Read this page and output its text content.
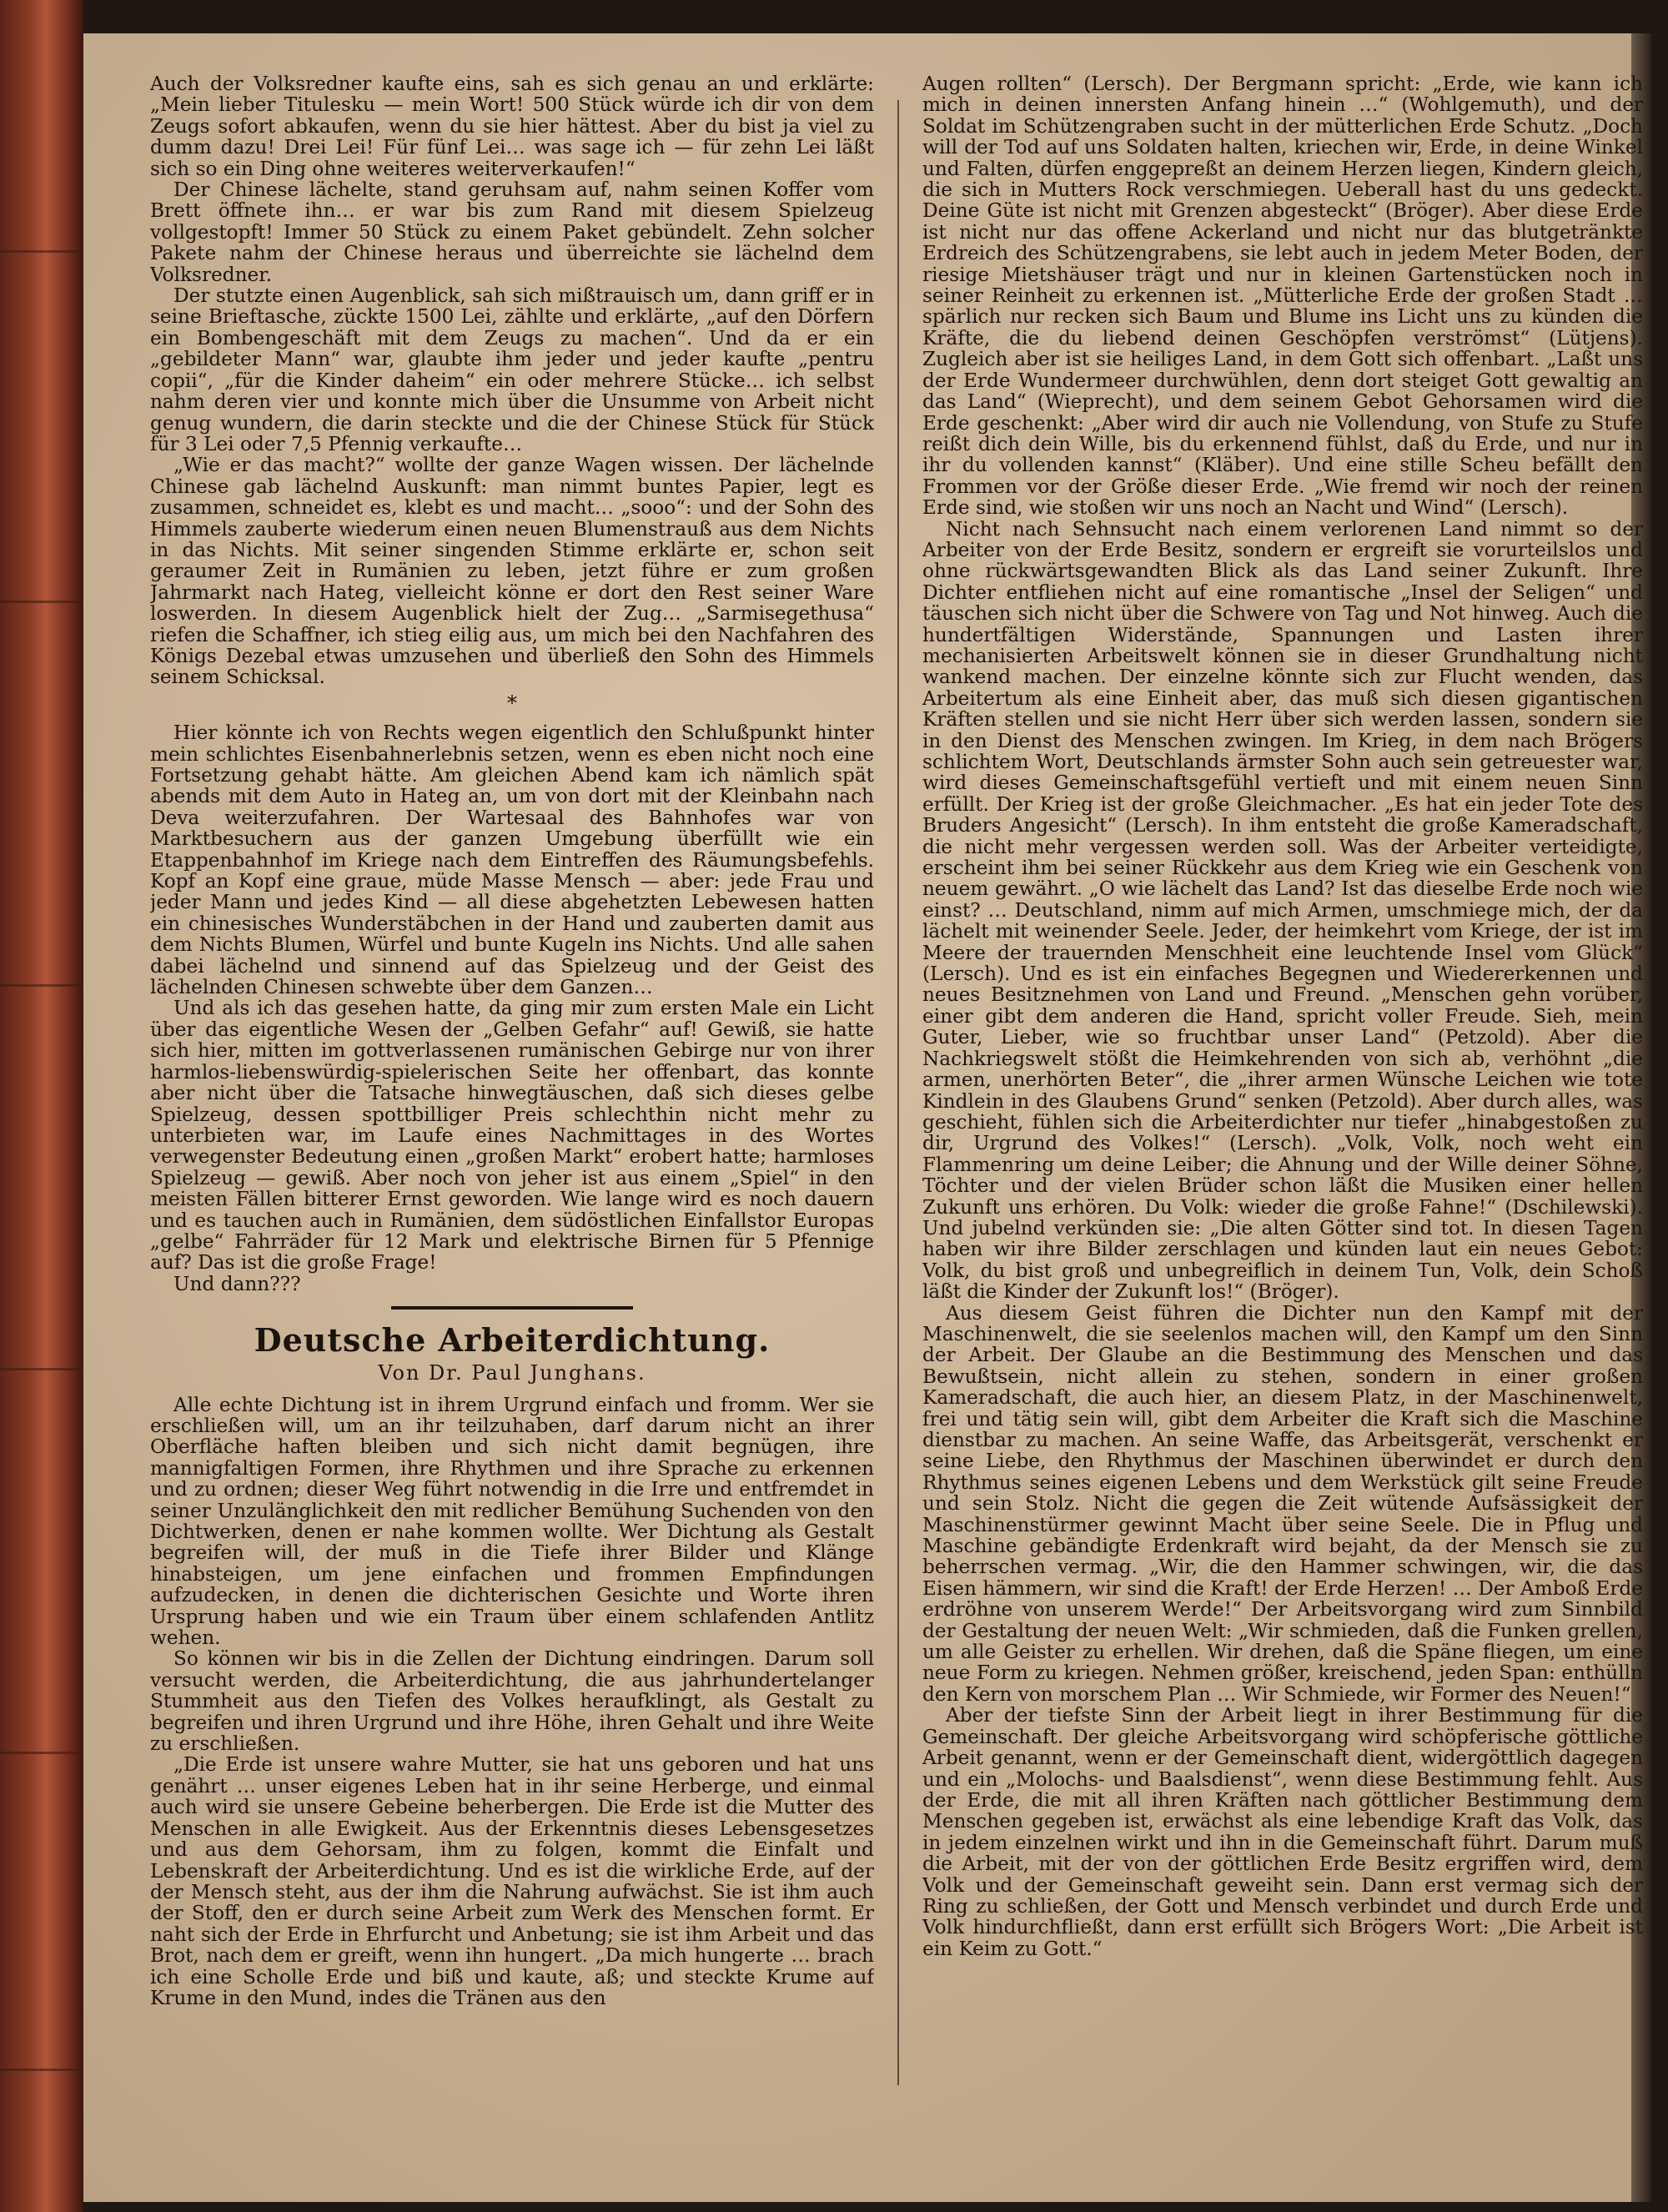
Auch der Volksredner kaufte eins, sah es sich genau an und erklärte: „Mein lieber Titulesku — mein Wort! 500 Stück würde ich dir von dem Zeugs sofort abkaufen, wenn du sie hier hättest. Aber du bist ja viel zu dumm dazu! Drei Lei! Für fünf Lei… was sage ich — für zehn Lei läßt sich so ein Ding ohne weiteres weiterverkaufen!“

Der Chinese lächelte, stand geruhsam auf, nahm seinen Koffer vom Brett öffnete ihn… er war bis zum Rand mit diesem Spielzeug vollgestopft! Immer 50 Stück zu einem Paket gebündelt. Zehn solcher Pakete nahm der Chinese heraus und überreichte sie lächelnd dem Volksredner.

Der stutzte einen Augenblick, sah sich mißtrauisch um, dann griff er in seine Brieftasche, zückte 1500 Lei, zählte und erklärte, „auf den Dörfern ein Bombengeschäft mit dem Zeugs zu machen“. Und da er ein „gebildeter Mann“ war, glaubte ihm jeder und jeder kaufte „pentru copii“, „für die Kinder daheim“ ein oder mehrere Stücke… ich selbst nahm deren vier und konnte mich über die Unsumme von Arbeit nicht genug wundern, die darin steckte und die der Chinese Stück für Stück für 3 Lei oder 7,5 Pfennig verkaufte…

„Wie er das macht?“ wollte der ganze Wagen wissen. Der lächelnde Chinese gab lächelnd Auskunft: man nimmt buntes Papier, legt es zusammen, schneidet es, klebt es und macht… „sooo“: und der Sohn des Himmels zauberte wiederum einen neuen Blumenstrauß aus dem Nichts in das Nichts. Mit seiner singenden Stimme erklärte er, schon seit geraumer Zeit in Rumänien zu leben, jetzt führe er zum großen Jahrmarkt nach Hateg, vielleicht könne er dort den Rest seiner Ware loswerden. In diesem Augenblick hielt der Zug… „Sarmisegethusa“ riefen die Schaffner, ich stieg eilig aus, um mich bei den Nachfahren des Königs Dezebal etwas umzusehen und überließ den Sohn des Himmels seinem Schicksal.

*

Hier könnte ich von Rechts wegen eigentlich den Schlußpunkt hinter mein schlichtes Eisenbahnerlebnis setzen, wenn es eben nicht noch eine Fortsetzung gehabt hätte. Am gleichen Abend kam ich nämlich spät abends mit dem Auto in Hateg an, um von dort mit der Kleinbahn nach Deva weiterzufahren. Der Wartesaal des Bahnhofes war von Marktbesuchern aus der ganzen Umgebung überfüllt wie ein Etappenbahnhof im Kriege nach dem Eintreffen des Räumungsbefehls. Kopf an Kopf eine graue, müde Masse Mensch — aber: jede Frau und jeder Mann und jedes Kind — all diese abgehetzten Lebewesen hatten ein chinesisches Wunderstäbchen in der Hand und zauberten damit aus dem Nichts Blumen, Würfel und bunte Kugeln ins Nichts. Und alle sahen dabei lächelnd und sinnend auf das Spielzeug und der Geist des lächelnden Chinesen schwebte über dem Ganzen…

Und als ich das gesehen hatte, da ging mir zum ersten Male ein Licht über das eigentliche Wesen der „Gelben Gefahr“ auf! Gewiß, sie hatte sich hier, mitten im gottverlassenen rumänischen Gebirge nur von ihrer harmlos-liebenswürdig-spielerischen Seite her offenbart, das konnte aber nicht über die Tatsache hinwegtäuschen, daß sich dieses gelbe Spielzeug, dessen spottbilliger Preis schlechthin nicht mehr zu unterbieten war, im Laufe eines Nachmittages in des Wortes verwegenster Bedeutung einen „großen Markt“ erobert hatte; harmloses Spielzeug — gewiß. Aber noch von jeher ist aus einem „Spiel“ in den meisten Fällen bitterer Ernst geworden. Wie lange wird es noch dauern und es tauchen auch in Rumänien, dem südöstlichen Einfallstor Europas „gelbe“ Fahrräder für 12 Mark und elektrische Birnen für 5 Pfennige auf? Das ist die große Frage!

Und dann???

Deutsche Arbeiterdichtung.
Von Dr. Paul Junghans.

Alle echte Dichtung ist in ihrem Urgrund einfach und fromm. Wer sie erschließen will, um an ihr teilzuhaben, darf darum nicht an ihrer Oberfläche haften bleiben und sich nicht damit begnügen, ihre mannigfaltigen Formen, ihre Rhythmen und ihre Sprache zu erkennen und zu ordnen; dieser Weg führt notwendig in die Irre und entfremdet in seiner Unzulänglichkeit den mit redlicher Bemühung Suchenden von den Dichtwerken, denen er nahe kommen wollte. Wer Dichtung als Gestalt begreifen will, der muß in die Tiefe ihrer Bilder und Klänge hinabsteigen, um jene einfachen und frommen Empfindungen aufzudecken, in denen die dichterischen Gesichte und Worte ihren Ursprung haben und wie ein Traum über einem schlafenden Antlitz wehen.

So können wir bis in die Zellen der Dichtung eindringen. Darum soll versucht werden, die Arbeiterdichtung, die aus jahrhundertelanger Stummheit aus den Tiefen des Volkes heraufklingt, als Gestalt zu begreifen und ihren Urgrund und ihre Höhe, ihren Gehalt und ihre Weite zu erschließen.

„Die Erde ist unsere wahre Mutter, sie hat uns geboren und hat uns genährt … unser eigenes Leben hat in ihr seine Herberge, und einmal auch wird sie unsere Gebeine beherbergen. Die Erde ist die Mutter des Menschen in alle Ewigkeit. Aus der Erkenntnis dieses Lebensgesetzes und aus dem Gehorsam, ihm zu folgen, kommt die Einfalt und Lebenskraft der Arbeiterdichtung. Und es ist die wirkliche Erde, auf der der Mensch steht, aus der ihm die Nahrung aufwächst. Sie ist ihm auch der Stoff, den er durch seine Arbeit zum Werk des Menschen formt. Er naht sich der Erde in Ehrfurcht und Anbetung; sie ist ihm Arbeit und das Brot, nach dem er greift, wenn ihn hungert. „Da mich hungerte … brach ich eine Scholle Erde und biß und kaute, aß; und steckte Krume auf Krume in den Mund, indes die Tränen aus den

Augen rollten“ (Lersch). Der Bergmann spricht: „Erde, wie kann ich mich in deinen innersten Anfang hinein …“ (Wohlgemuth), und der Soldat im Schützengraben sucht in der mütterlichen Erde Schutz. „Doch will der Tod auf uns Soldaten halten, kriechen wir, Erde, in deine Winkel und Falten, dürfen enggepreßt an deinem Herzen liegen, Kindern gleich, die sich in Mutters Rock verschmiegen. Ueberall hast du uns gedeckt. Deine Güte ist nicht mit Grenzen abgesteckt“ (Bröger). Aber diese Erde ist nicht nur das offene Ackerland und nicht nur das blutgetränkte Erdreich des Schützengrabens, sie lebt auch in jedem Meter Boden, der riesige Mietshäuser trägt und nur in kleinen Gartenstücken noch in seiner Reinheit zu erkennen ist. „Mütterliche Erde der großen Stadt … spärlich nur recken sich Baum und Blume ins Licht uns zu künden die Kräfte, die du liebend deinen Geschöpfen verströmst“ (Lütjens). Zugleich aber ist sie heiliges Land, in dem Gott sich offenbart. „Laßt uns der Erde Wundermeer durchwühlen, denn dort steiget Gott gewaltig an das Land“ (Wieprecht), und dem seinem Gebot Gehorsamen wird die Erde geschenkt: „Aber wird dir auch nie Vollendung, von Stufe zu Stufe reißt dich dein Wille, bis du erkennend fühlst, daß du Erde, und nur in ihr du vollenden kannst“ (Kläber). Und eine stille Scheu befällt den Frommen vor der Größe dieser Erde. „Wie fremd wir noch der reinen Erde sind, wie stoßen wir uns noch an Nacht und Wind“ (Lersch).

Nicht nach Sehnsucht nach einem verlorenen Land nimmt so der Arbeiter von der Erde Besitz, sondern er ergreift sie vorurteilslos und ohne rückwärtsgewandten Blick als das Land seiner Zukunft. Ihre Dichter entfliehen nicht auf eine romantische „Insel der Seligen“ und täuschen sich nicht über die Schwere von Tag und Not hinweg. Auch die hundertfältigen Widerstände, Spannungen und Lasten ihrer mechanisierten Arbeitswelt können sie in dieser Grundhaltung nicht wankend machen. Der einzelne könnte sich zur Flucht wenden, das Arbeitertum als eine Einheit aber, das muß sich diesen gigantischen Kräften stellen und sie nicht Herr über sich werden lassen, sondern sie in den Dienst des Menschen zwingen. Im Krieg, in dem nach Brögers schlichtem Wort, Deutschlands ärmster Sohn auch sein getreuester war, wird dieses Gemeinschaftsgefühl vertieft und mit einem neuen Sinn erfüllt. Der Krieg ist der große Gleichmacher. „Es hat ein jeder Tote des Bruders Angesicht“ (Lersch). In ihm entsteht die große Kameradschaft, die nicht mehr vergessen werden soll. Was der Arbeiter verteidigte, erscheint ihm bei seiner Rückkehr aus dem Krieg wie ein Geschenk von neuem gewährt. „O wie lächelt das Land? Ist das dieselbe Erde noch wie einst? … Deutschland, nimm auf mich Armen, umschmiege mich, der da lächelt mit weinender Seele. Jeder, der heimkehrt vom Kriege, der ist im Meere der trauernden Menschheit eine leuchtende Insel vom Glück“ (Lersch). Und es ist ein einfaches Begegnen und Wiedererkennen und neues Besitznehmen von Land und Freund. „Menschen gehn vorüber, einer gibt dem anderen die Hand, spricht voller Freude. Sieh, mein Guter, Lieber, wie so fruchtbar unser Land“ (Petzold). Aber die Nachkriegswelt stößt die Heimkehrenden von sich ab, verhöhnt „die armen, unerhörten Beter“, die „ihrer armen Wünsche Leichen wie tote Kindlein in des Glaubens Grund“ senken (Petzold). Aber durch alles, was geschieht, fühlen sich die Arbeiterdichter nur tiefer „hinabgestoßen zu dir, Urgrund des Volkes!“ (Lersch). „Volk, Volk, noch weht ein Flammenring um deine Leiber; die Ahnung und der Wille deiner Söhne, Töchter und der vielen Brüder schon läßt die Musiken einer hellen Zukunft uns erhören. Du Volk: wieder die große Fahne!“ (Dschilewski). Und jubelnd verkünden sie: „Die alten Götter sind tot. In diesen Tagen haben wir ihre Bilder zerschlagen und künden laut ein neues Gebot: Volk, du bist groß und unbegreiflich in deinem Tun, Volk, dein Schoß läßt die Kinder der Zukunft los!“ (Bröger).

Aus diesem Geist führen die Dichter nun den Kampf mit der Maschinenwelt, die sie seelenlos machen will, den Kampf um den Sinn der Arbeit. Der Glaube an die Bestimmung des Menschen und das Bewußtsein, nicht allein zu stehen, sondern in einer großen Kameradschaft, die auch hier, an diesem Platz, in der Maschinenwelt, frei und tätig sein will, gibt dem Arbeiter die Kraft sich die Maschine dienstbar zu machen. An seine Waffe, das Arbeitsgerät, verschenkt er seine Liebe, den Rhythmus der Maschinen überwindet er durch den Rhythmus seines eigenen Lebens und dem Werkstück gilt seine Freude und sein Stolz. Nicht die gegen die Zeit wütende Aufsässigkeit der Maschinenstürmer gewinnt Macht über seine Seele. Die in Pflug und Maschine gebändigte Erdenkraft wird bejaht, da der Mensch sie zu beherrschen vermag. „Wir, die den Hammer schwingen, wir, die das Eisen hämmern, wir sind die Kraft! der Erde Herzen! … Der Amboß Erde erdröhne von unserem Werde!“ Der Arbeitsvorgang wird zum Sinnbild der Gestaltung der neuen Welt: „Wir schmieden, daß die Funken grellen, um alle Geister zu erhellen. Wir drehen, daß die Späne fliegen, um eine neue Form zu kriegen. Nehmen größer, kreischend, jeden Span: enthülln den Kern von morschem Plan … Wir Schmiede, wir Former des Neuen!“

Aber der tiefste Sinn der Arbeit liegt in ihrer Bestimmung für die Gemeinschaft. Der gleiche Arbeitsvorgang wird schöpferische göttliche Arbeit genannt, wenn er der Gemeinschaft dient, widergöttlich dagegen und ein „Molochs- und Baalsdienst“, wenn diese Bestimmung fehlt. Aus der Erde, die mit all ihren Kräften nach göttlicher Bestimmung dem Menschen gegeben ist, erwächst als eine lebendige Kraft das Volk, das in jedem einzelnen wirkt und ihn in die Gemeinschaft führt. Darum muß die Arbeit, mit der von der göttlichen Erde Besitz ergriffen wird, dem Volk und der Gemeinschaft geweiht sein. Dann erst vermag sich der Ring zu schließen, der Gott und Mensch verbindet und durch Erde und Volk hindurchfließt, dann erst erfüllt sich Brögers Wort: „Die Arbeit ist ein Keim zu Gott.“
